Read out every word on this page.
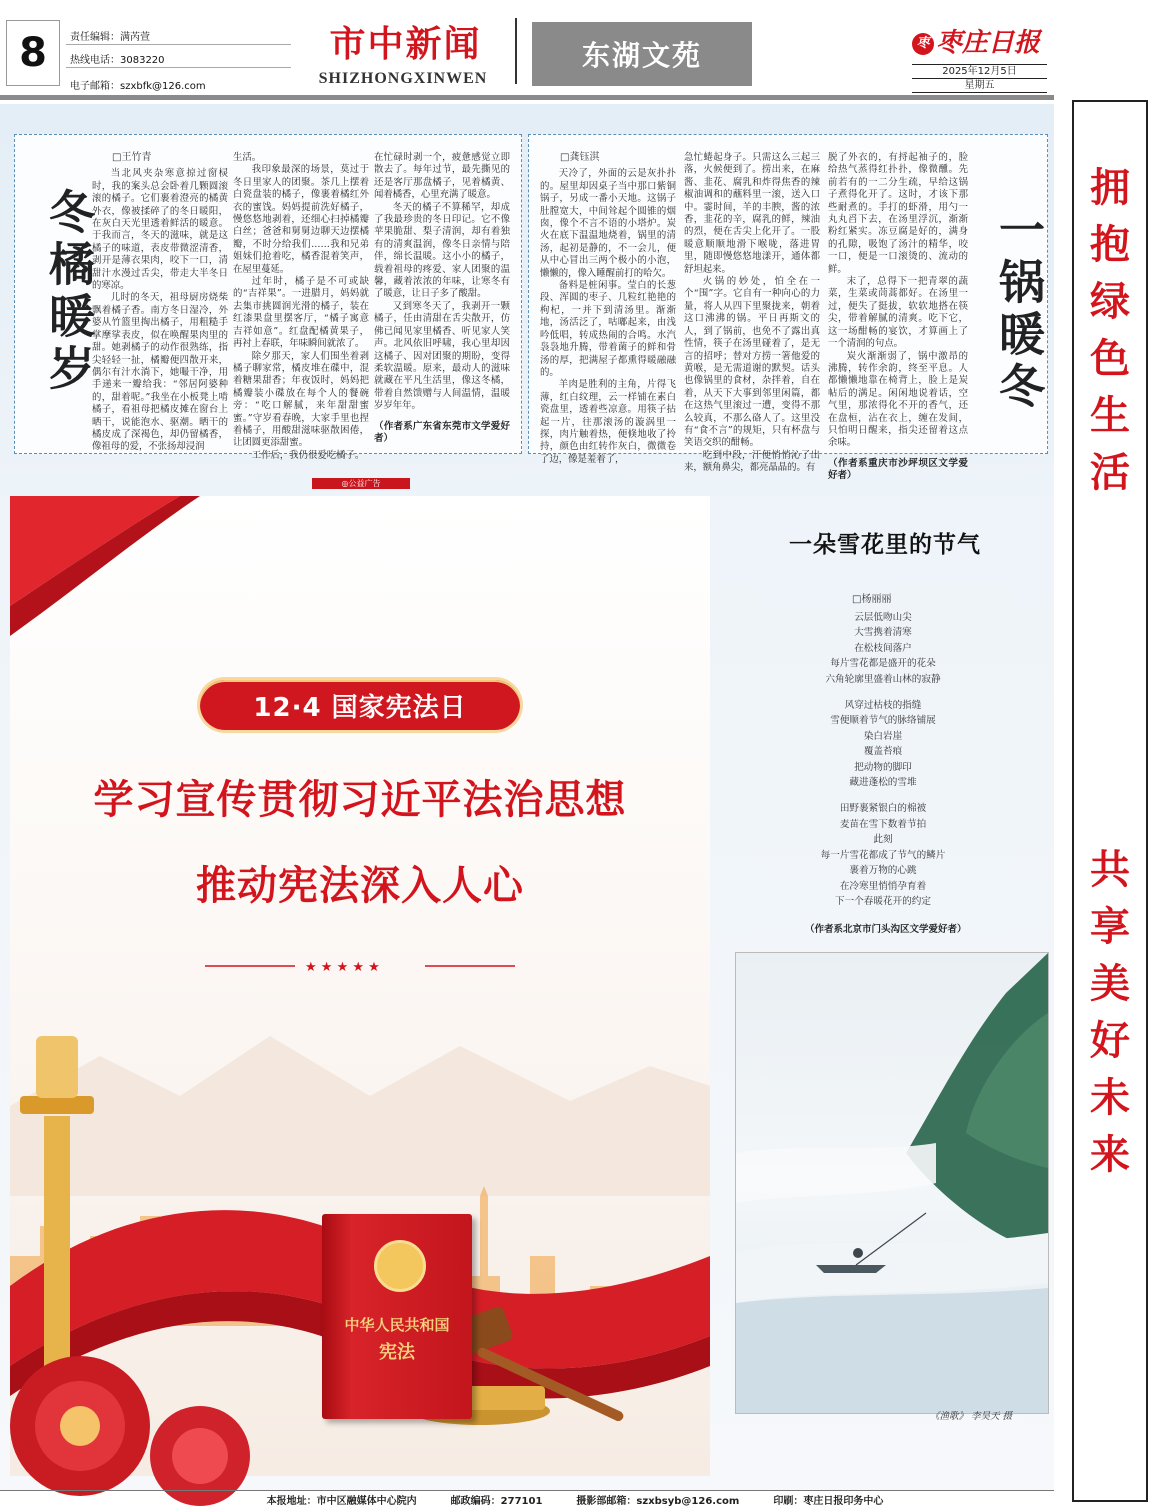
8 责任编辑：满芮萱
热线电话：3083220
电子邮箱：szxbfk@126.com
市中新闻
SHIZHONGXINWEN
东湖文苑	枣 枣庄日报
2025年12月5日
星期五
冬橘暖岁
□王竹青

当北风夹杂寒意掠过窗棂时，我的案头总会卧着几颗圆滚滚的橘子。它们裹着澄亮的橘黄外衣，像被揉碎了的冬日暖阳，在灰白天光里透着鲜活的暖意。于我而言，冬天的滋味，就是这橘子的味道，表皮带微涩清香，剥开是薄衣果肉，咬下一口，清甜汁水漫过舌尖，带走大半冬日的寒凉。

儿时的冬天，祖母厨房烧柴飘着橘子香。南方冬日湿冷，外婆从竹篮里掏出橘子，用粗糙手掌摩挲表皮，似在唤醒果肉里的甜。她剥橘子的动作很熟练，指尖轻轻一扯，橘瓣便四散开来，偶尔有汁水淌下，她嘬干净，用手递来一瓣给我：“邻居阿婆种的，甜着呢。”我坐在小板凳上啃橘子，看祖母把橘皮摊在窗台上晒干，说能泡水、驱潮。晒干的橘皮成了深褐色，却仍留橘香，像祖母的爱，不张扬却浸润

生活。

我印象最深的场景，莫过于冬日里家人的团聚。茶几上摆着白瓷盘装的橘子，像裹着橘红外衣的蜜饯。妈妈提前洗好橘子，慢悠悠地剥着，还细心扫掉橘瓣白丝；爸爸和舅舅边聊天边摆橘瓣，不时分给我们……我和兄弟姐妹们抢着吃，橘香混着笑声，在屋里蔓延。

过年时，橘子是不可或缺的“吉祥果”。一进腊月，妈妈就去集市挑圆润光滑的橘子，装在红漆果盘里摆客厅，“橘子寓意吉祥如意”。红盘配橘黄果子，再衬上春联，年味瞬间就浓了。

除夕那天，家人们围坐着剥橘子聊家常，橘皮堆在碟中，混着糖果甜香；年夜饭时，妈妈把橘瓣装小碟放在每个人的餐碗旁：“吃口解腻，来年甜甜蜜蜜。”守岁看春晚，大家手里也捏着橘子，用酸甜滋味驱散困倦，让团圆更添甜蜜。

工作后，我仍很爱吃橘子。

在忙碌时剥一个，疲惫感觉立即散去了。每年过节，最先撕见的还是客厅那盘橘子，见着橘黄、闻着橘香，心里充满了暖意。

冬天的橘子不算稀罕，却成了我最珍贵的冬日印记。它不像苹果脆甜、梨子清润，却有着独有的清爽温润，像冬日亲情与陪伴，绵长温暖。这小小的橘子，载着祖母的疼爱、家人团聚的温馨，藏着浓浓的年味，让寒冬有了暖意，让日子多了酸甜。

又到寒冬天了，我剥开一颗橘子，任由清甜在舌尖散开，仿佛已闻见家里橘香、听见家人笑声。北风依旧呼啸，我心里却因这橘子、因对团聚的期盼，变得柔软温暖。原来，最动人的滋味就藏在平凡生活里，像这冬橘，带着自然馈赠与人间温情，温暖岁岁年年。

（作者系广东省东莞市文学爱好者）
□龚钰淇

天冷了，外面的云是灰扑扑的。屋里却因桌子当中那口紫铜锅子，另成一番小天地。这锅子肚膛宽大，中间耸起个圆锥的烟囱，像个不言不语的小塔炉。炭火在底下温温地烧着，锅里的清汤，起初是静的，不一会儿，便从中心冒出三两个极小的小泡，懒懒的，像入睡醒前打的哈欠。

备料是桩闲事。莹白的长葱段、浑圆的枣子、几粒红艳艳的枸杞，一并下到清汤里。渐渐地，汤活泛了，咕嘟起来，由浅吟低唱，转成热闹的合鸣。水汽袅袅地升腾，带着菌子的鲜和骨汤的厚，把满屋子都熏得暖融融的。

羊肉是胜利的主角，片得飞薄，红白纹理，云一样铺在素白瓷盘里，透着些凉意。用筷子拈起一片，往那滚汤的漩涡里一探，肉片触着热，便倏地收了拎持，颜色由红转作灰白，微微卷了边，像是羞着了，

急忙蜷起身子。只需这么三起三落，火候便到了。捞出来，在麻酱、韭花、腐乳和炸得焦香的辣椒油调和的蘸料里一滚，送入口中。霎时间，羊的丰腴，酱的浓香，韭花的辛，腐乳的鲜，辣油的烈，便在舌尖上化开了。一股暖意顺顺地滑下喉咙，落进胃里，随即慢悠悠地漾开，通体都舒坦起来。

火锅的妙处，怕全在一个“围”字。它自有一种向心的力量，将人从四下里聚拢来，朝着这口沸沸的锅。平日再斯文的人，到了锅前，也免不了露出真性情，筷子在汤里碰着了，是无言的招呼；替对方捞一箸他爱的黄喉，是无需道谢的默契。话头也像锅里的食材，杂拌着，自在着，从天下大事到邻里闲篇，都在这热气里滚过一遭，变得不那么较真，不那么硌人了。这里没有“食不言”的规矩，只有杯盘与笑语交织的酣畅。

吃到中段，汗便悄悄沁了出来，额角鼻尖，都亮晶晶的。有

脱了外衣的，有捋起袖子的，脸给热气蒸得红扑扑，像微醺。先前若有的一二分生疏，早给这锅子煮得化开了。这时，才该下那些耐煮的。手打的虾滑，用勺一丸丸舀下去，在汤里浮沉，渐渐粉红紧实。冻豆腐是好的，满身的孔隙，吸饱了汤汁的精华，咬一口，便是一口滚烫的、流动的鲜。

末了，总得下一把青翠的蔬菜，生菜或茼蒿都好。在汤里一过，便失了挺拔，软软地搭在筷尖，带着解腻的清爽。吃下它，这一场酣畅的宴饮，才算画上了一个清润的句点。

炭火渐渐弱了，锅中激昂的沸腾，转作余韵，终至平息。人都懒懒地靠在椅背上，脸上是炭帖后的满足。闲闲地说着话，空气里，那浓得化不开的香气，还在盘桓，沾在衣上，缠在发间，只怕明日醒来，指尖还留着这点余味。

（作者系重庆市沙坪坝区文学爱好者）
一锅暖冬
◎公益广告
12·4 国家宪法日
学习宣传贯彻习近平法治思想
推动宪法深入人心
★ ★ ★ ★ ★
中华人民共和国
宪法
一朵雪花里的节气
□杨丽丽
云层低吻山尖
大雪携着清寒
在松枝间落户
每片雪花都是盛开的花朵
六角轮廓里盛着山林的寂静
风穿过枯枝的指缝
雪便顺着节气的脉络铺展
染白岩崖
覆盖苔痕
把动物的脚印
藏进蓬松的雪堆
田野裹紧银白的棉被
麦苗在雪下数着节拍
此刻
每一片雪花都成了节气的鳞片
裹着万物的心跳
在冷寒里悄悄孕育着
下一个春暖花开的约定
（作者系北京市门头沟区文学爱好者）
《渔歌》 李昊天 摄
拥抱绿色生活
共享美好未来
本报地址：市中区融媒体中心院内	邮政编码：277101	摄影部邮箱：szxbsyb@126.com	印刷：枣庄日报印务中心
